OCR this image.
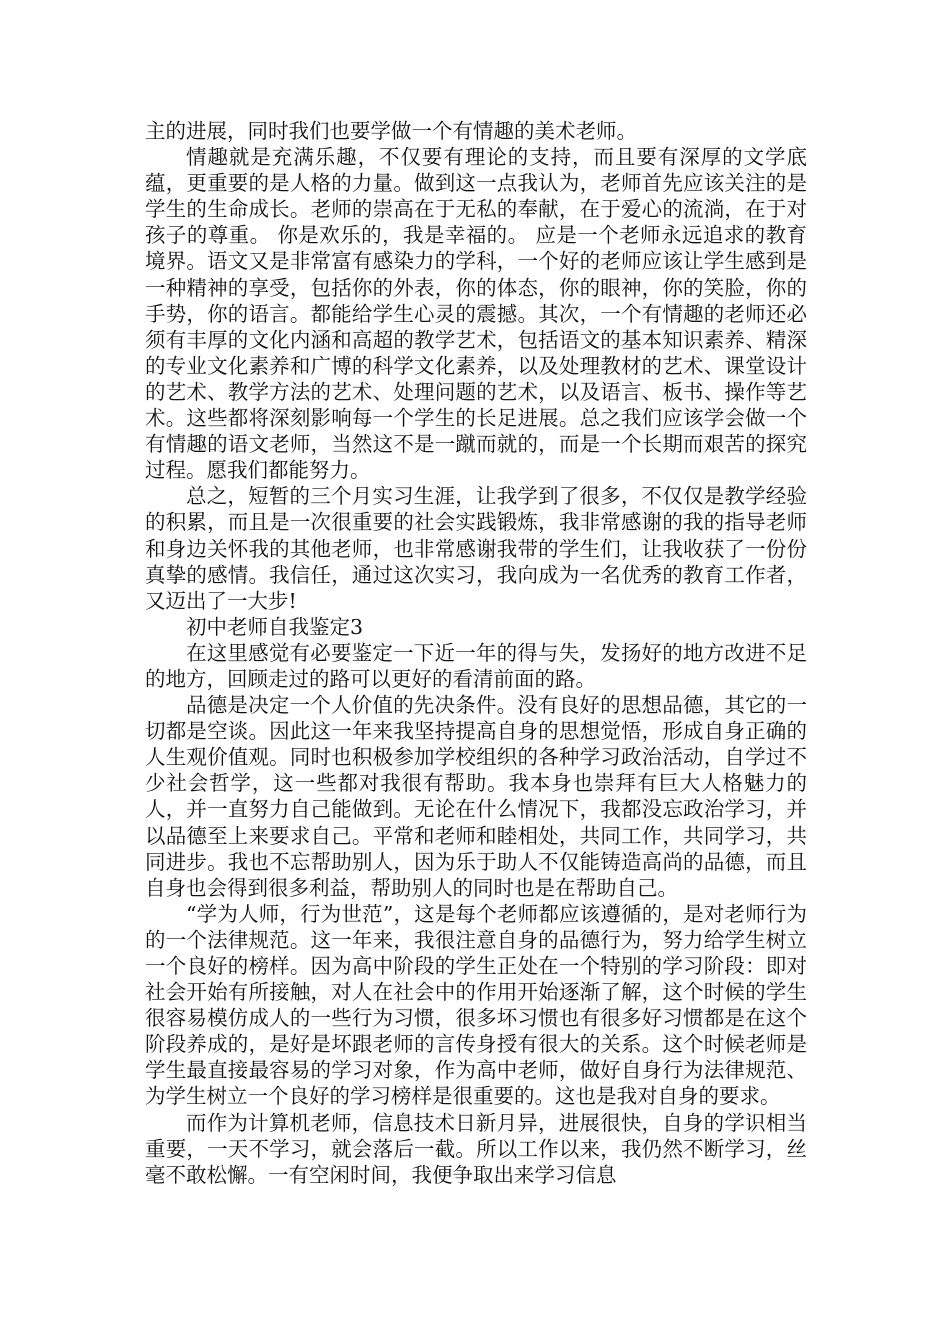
主的进展，同时我们也要学做一个有情趣的美术老师。

情趣就是充满乐趣，不仅要有理论的支持，而且要有深厚的文学底蕴，更重要的是人格的力量。做到这一点我认为，老师首先应该关注的是学生的生命成长。老师的崇高在于无私的奉献，在于爱心的流淌，在于对孩子的尊重。 你是欢乐的，我是幸福的。 应是一个老师永远追求的教育境界。语文又是非常富有感染力的学科，一个好的老师应该让学生感到是一种精神的享受，包括你的外表，你的体态，你的眼神，你的笑脸，你的手势，你的语言。都能给学生心灵的震撼。其次，一个有情趣的老师还必须有丰厚的文化内涵和高超的教学艺术，包括语文的基本知识素养、精深的专业文化素养和广博的科学文化素养，以及处理教材的艺术、课堂设计的艺术、教学方法的艺术、处理问题的艺术，以及语言、板书、操作等艺术。这些都将深刻影响每一个学生的长足进展。总之我们应该学会做一个有情趣的语文老师，当然这不是一蹴而就的，而是一个长期而艰苦的探究过程。愿我们都能努力。

总之，短暂的三个月实习生涯，让我学到了很多，不仅仅是教学经验的积累，而且是一次很重要的社会实践锻炼，我非常感谢的我的指导老师和身边关怀我的其他老师，也非常感谢我带的学生们，让我收获了一份份真挚的感情。我信任，通过这次实习，我向成为一名优秀的教育工作者，又迈出了一大步!

初中老师自我鉴定3

在这里感觉有必要鉴定一下近一年的得与失，发扬好的地方改进不足的地方，回顾走过的路可以更好的看清前面的路。

品德是决定一个人价值的先决条件。没有良好的思想品德，其它的一切都是空谈。因此这一年来我坚持提高自身的思想觉悟，形成自身正确的人生观价值观。同时也积极参加学校组织的各种学习政治活动，自学过不少社会哲学，这一些都对我很有帮助。我本身也崇拜有巨大人格魅力的人，并一直努力自己能做到。无论在什么情况下，我都没忘政治学习，并以品德至上来要求自己。平常和老师和睦相处，共同工作，共同学习，共同进步。我也不忘帮助别人，因为乐于助人不仅能铸造高尚的品德，而且自身也会得到很多利益，帮助别人的同时也是在帮助自己。

“学为人师，行为世范”，这是每个老师都应该遵循的，是对老师行为的一个法律规范。这一年来，我很注意自身的品德行为，努力给学生树立一个良好的榜样。因为高中阶段的学生正处在一个特别的学习阶段：即对社会开始有所接触，对人在社会中的作用开始逐渐了解，这个时候的学生很容易模仿成人的一些行为习惯，很多坏习惯也有很多好习惯都是在这个阶段养成的，是好是坏跟老师的言传身授有很大的关系。这个时候老师是学生最直接最容易的学习对象，作为高中老师，做好自身行为法律规范、为学生树立一个良好的学习榜样是很重要的。这也是我对自身的要求。

而作为计算机老师，信息技术日新月异，进展很快，自身的学识相当重要，一天不学习，就会落后一截。所以工作以来，我仍然不断学习，丝毫不敢松懈。一有空闲时间，我便争取出来学习信息
